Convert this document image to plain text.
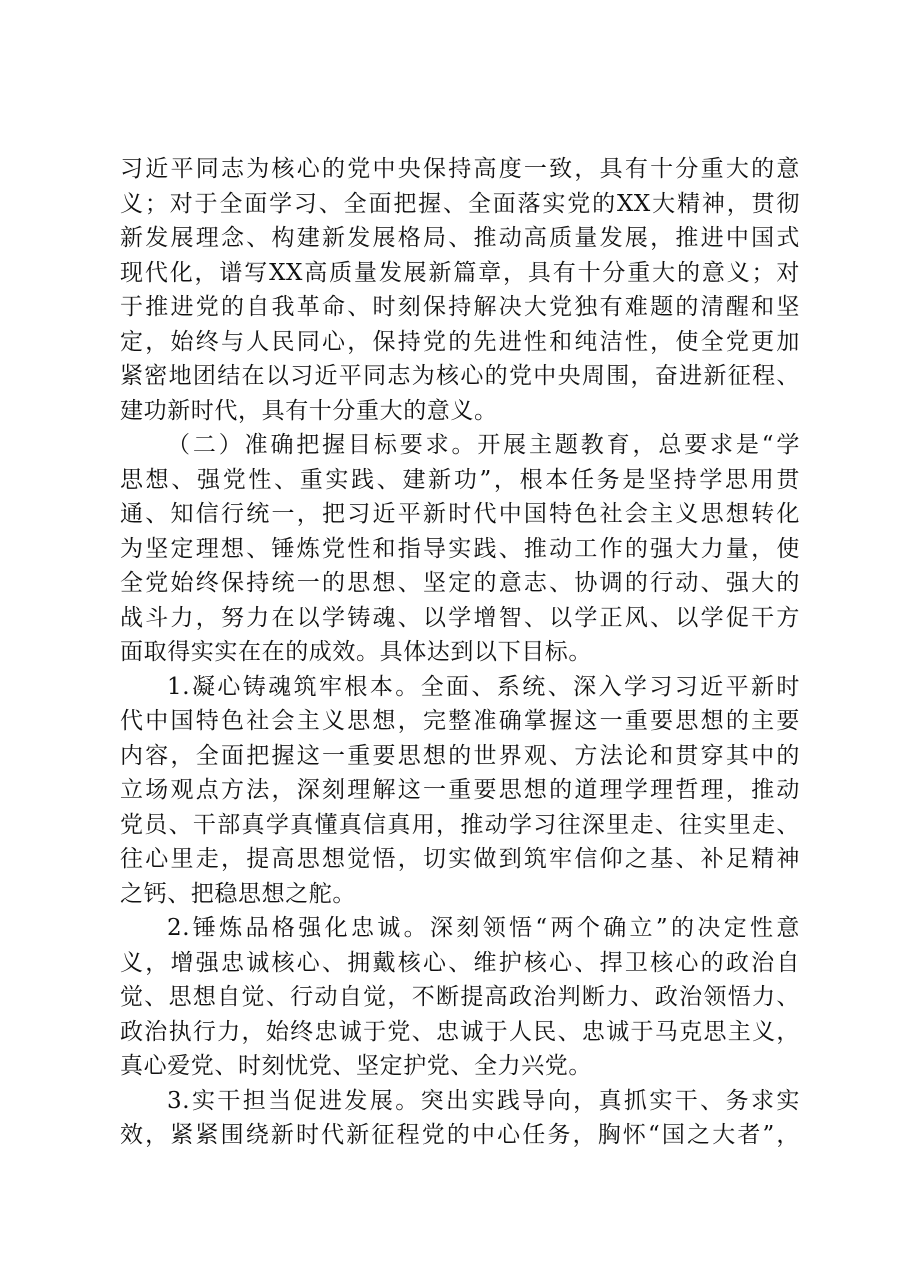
习近平同志为核心的党中央保持高度一致，具有十分重大的意
义；对于全面学习、全面把握、全面落实党的XX大精神，贯彻
新发展理念、构建新发展格局、推动高质量发展，推进中国式
现代化，谱写XX高质量发展新篇章，具有十分重大的意义；对
于推进党的自我革命、时刻保持解决大党独有难题的清醒和坚
定，始终与人民同心，保持党的先进性和纯洁性，使全党更加
紧密地团结在以习近平同志为核心的党中央周围，奋进新征程、
建功新时代，具有十分重大的意义。
（二）准确把握目标要求。开展主题教育，总要求是“学
思想、强党性、重实践、建新功”，根本任务是坚持学思用贯
通、知信行统一，把习近平新时代中国特色社会主义思想转化
为坚定理想、锤炼党性和指导实践、推动工作的强大力量，使
全党始终保持统一的思想、坚定的意志、协调的行动、强大的
战斗力，努力在以学铸魂、以学增智、以学正风、以学促干方
面取得实实在在的成效。具体达到以下目标。
1.凝心铸魂筑牢根本。全面、系统、深入学习习近平新时
代中国特色社会主义思想，完整准确掌握这一重要思想的主要
内容，全面把握这一重要思想的世界观、方法论和贯穿其中的
立场观点方法，深刻理解这一重要思想的道理学理哲理，推动
党员、干部真学真懂真信真用，推动学习往深里走、往实里走、
往心里走，提高思想觉悟，切实做到筑牢信仰之基、补足精神
之钙、把稳思想之舵。
2.锤炼品格强化忠诚。深刻领悟“两个确立”的决定性意
义，增强忠诚核心、拥戴核心、维护核心、捍卫核心的政治自
觉、思想自觉、行动自觉，不断提高政治判断力、政治领悟力、
政治执行力，始终忠诚于党、忠诚于人民、忠诚于马克思主义，
真心爱党、时刻忧党、坚定护党、全力兴党。
3.实干担当促进发展。突出实践导向，真抓实干、务求实
效，紧紧围绕新时代新征程党的中心任务，胸怀“国之大者”，
